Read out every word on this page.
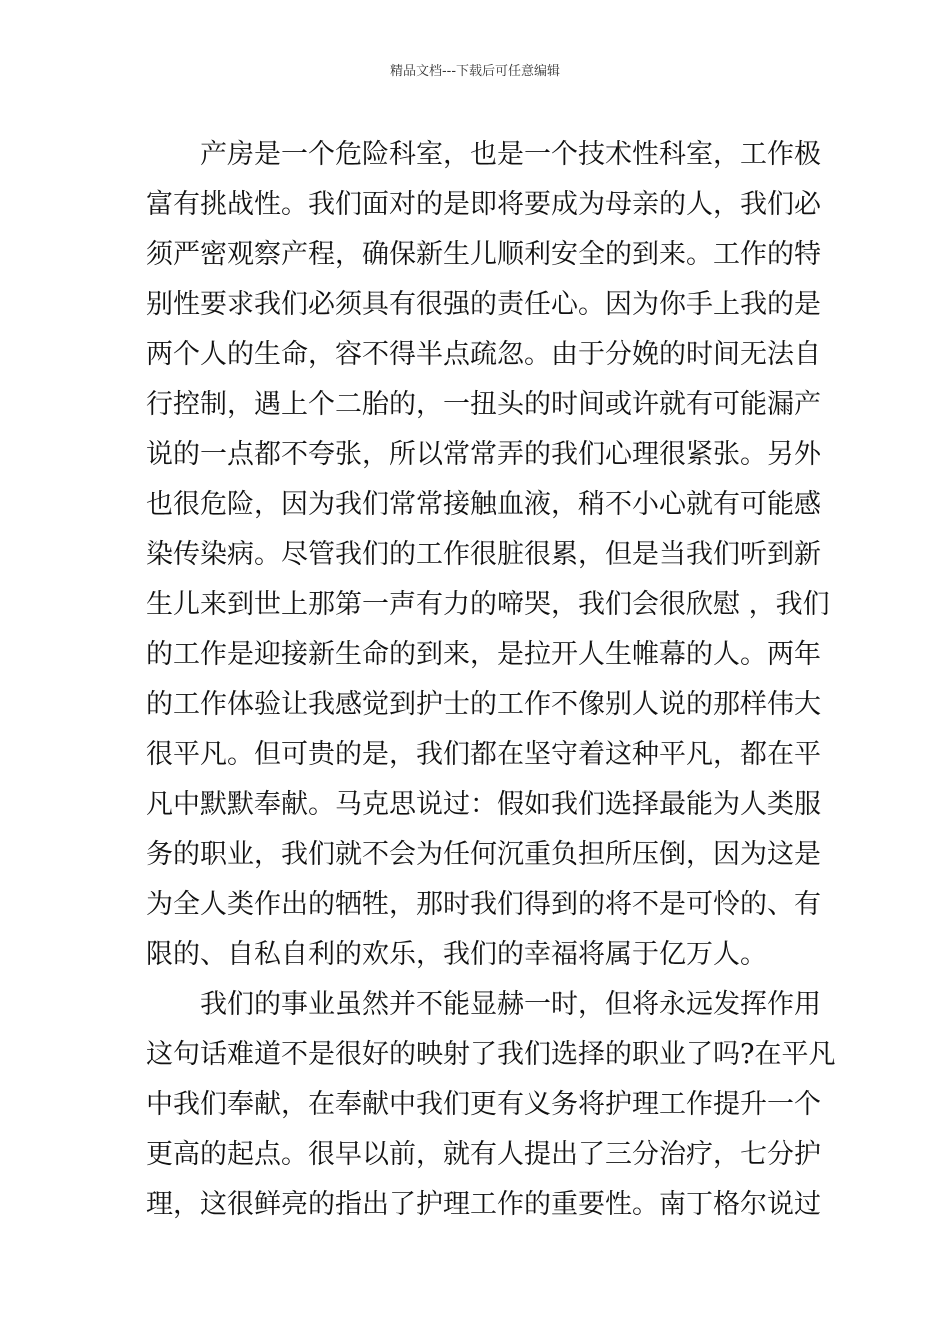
精品文档---下载后可任意编辑
产房是一个危险科室，也是一个技术性科室，工作极
富有挑战性。我们面对的是即将要成为母亲的人，我们必
须严密观察产程，确保新生儿顺利安全的到来。工作的特
别性要求我们必须具有很强的责任心。因为你手上我的是
两个人的生命，容不得半点疏忽。由于分娩的时间无法自
行控制，遇上个二胎的，一扭头的时间或许就有可能漏产
说的一点都不夸张，所以常常弄的我们心理很紧张。另外
也很危险，因为我们常常接触血液，稍不小心就有可能感
染传染病。尽管我们的工作很脏很累，但是当我们听到新
生儿来到世上那第一声有力的啼哭，我们会很欣慰 ，我们
的工作是迎接新生命的到来，是拉开人生帷幕的人。两年
的工作体验让我感觉到护士的工作不像别人说的那样伟大
很平凡。但可贵的是，我们都在坚守着这种平凡，都在平
凡中默默奉献。马克思说过：假如我们选择最能为人类服
务的职业，我们就不会为任何沉重负担所压倒，因为这是
为全人类作出的牺牲，那时我们得到的将不是可怜的、有
限的、自私自利的欢乐，我们的幸福将属于亿万人。
我们的事业虽然并不能显赫一时，但将永远发挥作用
这句话难道不是很好的映射了我们选择的职业了吗?在平凡
中我们奉献，在奉献中我们更有义务将护理工作提升一个
更高的起点。很早以前，就有人提出了三分治疗，七分护
理，这很鲜亮的指出了护理工作的重要性。南丁格尔说过
